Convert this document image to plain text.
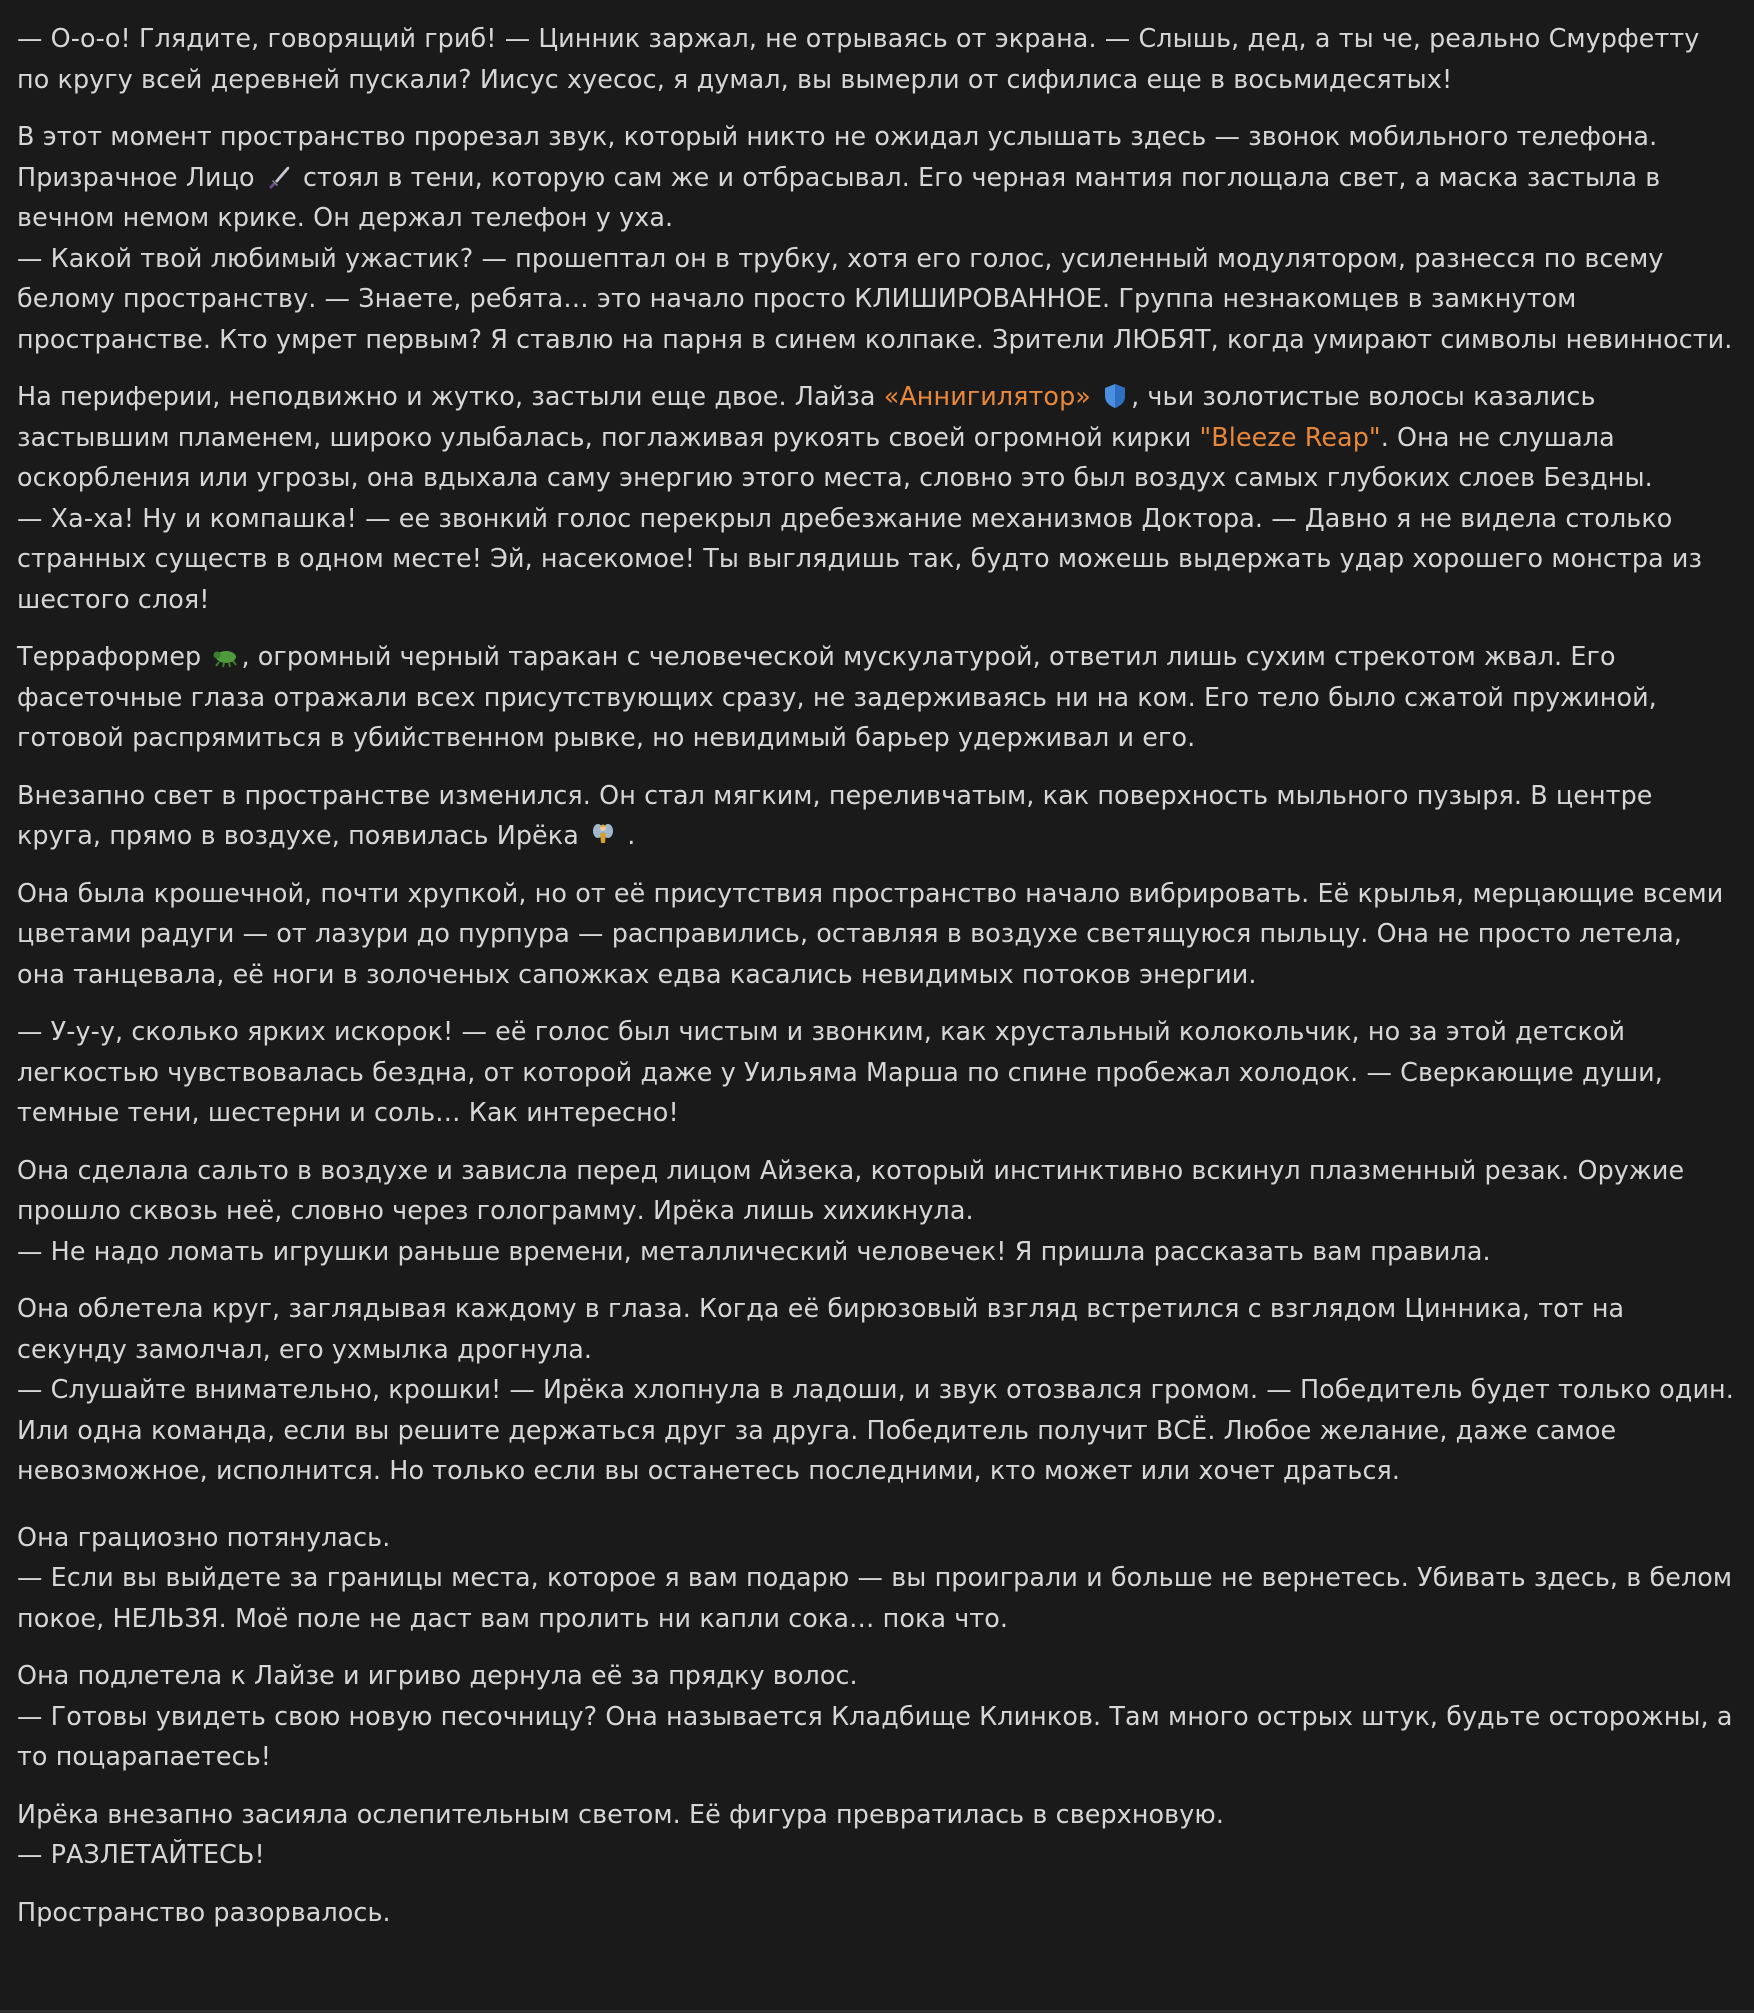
— О-о-о! Глядите, говорящий гриб! — Цинник заржал, не отрываясь от экрана. — Слышь, дед, а ты че, реально Смурфетту по кругу всей деревней пускали? Иисус хуесос, я думал, вы вымерли от сифилиса еще в восьмидесятых!

В этот момент пространство прорезал звук, который никто не ожидал услышать здесь — звонок мобильного телефона. Призрачное Лицо стоял в тени, которую сам же и отбрасывал. Его черная мантия поглощала свет, а маска застыла в вечном немом крике. Он держал телефон у уха.

— Какой твой любимый ужастик? — прошептал он в трубку, хотя его голос, усиленный модулятором, разнесся по всему белому пространству. — Знаете, ребята… это начало просто КЛИШИРОВАННОЕ. Группа незнакомцев в замкнутом пространстве. Кто умрет первым? Я ставлю на парня в синем колпаке. Зрители ЛЮБЯТ, когда умирают символы невинности.

На периферии, неподвижно и жутко, застыли еще двое. Лайза «Аннигилятор» , чьи золотистые волосы казались застывшим пламенем, широко улыбалась, поглаживая рукоять своей огромной кирки "Bleeze Reap". Она не слушала оскорбления или угрозы, она вдыхала саму энергию этого места, словно это был воздух самых глубоких слоев Бездны.

— Ха-ха! Ну и компашка! — ее звонкий голос перекрыл дребезжание механизмов Доктора. — Давно я не видела столько странных существ в одном месте! Эй, насекомое! Ты выглядишь так, будто можешь выдержать удар хорошего монстра из шестого слоя!

Терраформер , огромный черный таракан с человеческой мускулатурой, ответил лишь сухим стрекотом жвал. Его фасеточные глаза отражали всех присутствующих сразу, не задерживаясь ни на ком. Его тело было сжатой пружиной, готовой распрямиться в убийственном рывке, но невидимый барьер удерживал и его.

Внезапно свет в пространстве изменился. Он стал мягким, переливчатым, как поверхность мыльного пузыря. В центре круга, прямо в воздухе, появилась Ирёка .

Она была крошечной, почти хрупкой, но от её присутствия пространство начало вибрировать. Её крылья, мерцающие всеми цветами радуги — от лазури до пурпура — расправились, оставляя в воздухе светящуюся пыльцу. Она не просто летела, она танцевала, её ноги в золоченых сапожках едва касались невидимых потоков энергии.

— У-у-у, сколько ярких искорок! — её голос был чистым и звонким, как хрустальный колокольчик, но за этой детской легкостью чувствовалась бездна, от которой даже у Уильяма Марша по спине пробежал холодок. — Сверкающие души, темные тени, шестерни и соль… Как интересно!

Она сделала сальто в воздухе и зависла перед лицом Айзека, который инстинктивно вскинул плазменный резак. Оружие прошло сквозь неё, словно через голограмму. Ирёка лишь хихикнула.

— Не надо ломать игрушки раньше времени, металлический человечек! Я пришла рассказать вам правила.

Она облетела круг, заглядывая каждому в глаза. Когда её бирюзовый взгляд встретился с взглядом Цинника, тот на секунду замолчал, его ухмылка дрогнула.

— Слушайте внимательно, крошки! — Ирёка хлопнула в ладоши, и звук отозвался громом. — Победитель будет только один. Или одна команда, если вы решите держаться друг за друга. Победитель получит ВСЁ. Любое желание, даже самое невозможное, исполнится. Но только если вы останетесь последними, кто может или хочет драться.

Она грациозно потянулась.

— Если вы выйдете за границы места, которое я вам подарю — вы проиграли и больше не вернетесь. Убивать здесь, в белом покое, НЕЛЬЗЯ. Моё поле не даст вам пролить ни капли сока… пока что.

Она подлетела к Лайзе и игриво дернула её за прядку волос.

— Готовы увидеть свою новую песочницу? Она называется Кладбище Клинков. Там много острых штук, будьте осторожны, а то поцарапаетесь!

Ирёка внезапно засияла ослепительным светом. Её фигура превратилась в сверхновую.

— РАЗЛЕТАЙТЕСЬ!

Пространство разорвалось.
